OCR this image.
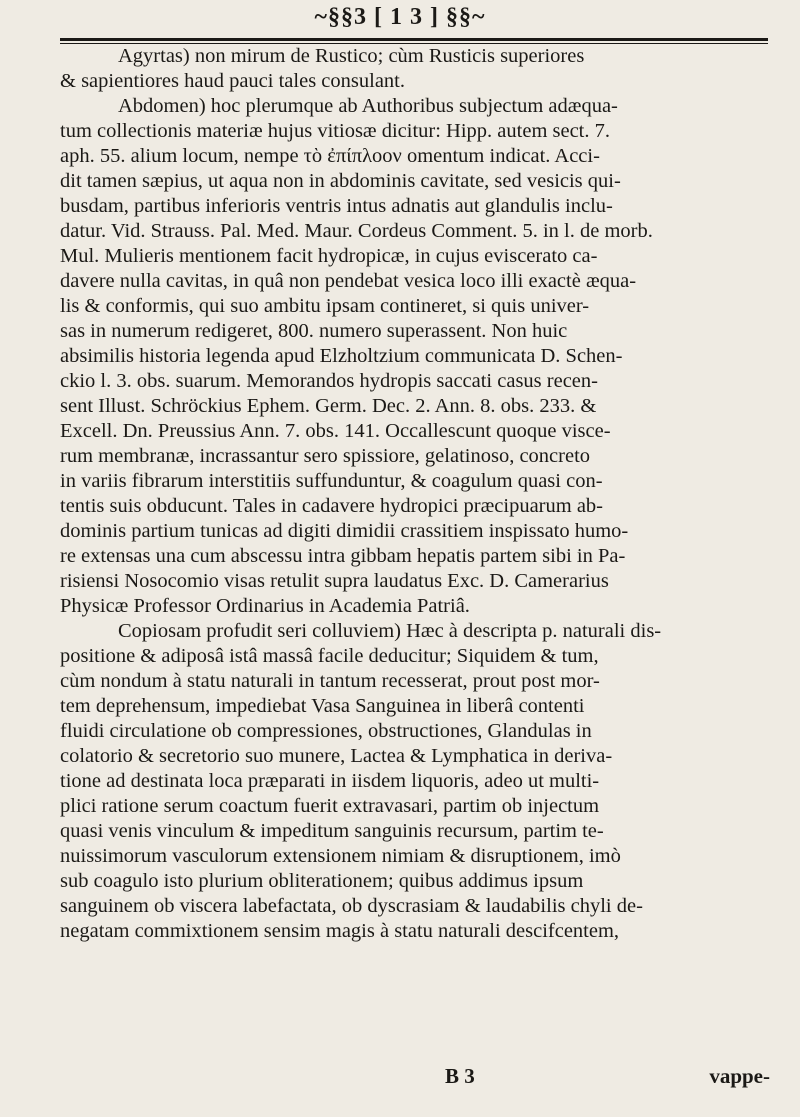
~§§3 [ 1 3 ] §§~
Agyrtas) non mirum de Rustico; cùm Rusticis superiores
& sapientiores haud pauci tales consulant.
Abdomen) hoc plerumque ab Authoribus subjectum adæqua-
tum collectionis materiæ hujus vitiosæ dicitur: Hipp. autem sect. 7.
aph. 55. alium locum, nempe τὸ ἐπίπλοον omentum indicat. Acci-
dit tamen sæpius, ut aqua non in abdominis cavitate, sed vesicis qui-
busdam, partibus inferioris ventris intus adnatis aut glandulis inclu-
datur. Vid. Strauss. Pal. Med. Maur. Cordeus Comment. 5. in l. de morb.
Mul. Mulieris mentionem facit hydropicæ, in cujus eviscerato ca-
davere nulla cavitas, in quâ non pendebat vesica loco illi exactè æqua-
lis & conformis, qui suo ambitu ipsam contineret, si quis univer-
sas in numerum redigeret, 800. numero superassent. Non huic
absimilis historia legenda apud Elzholtzium communicata D. Schen-
ckio l. 3. obs. suarum. Memorandos hydropis saccati casus recen-
sent Illust. Schröckius Ephem. Germ. Dec. 2. Ann. 8. obs. 233. &
Excell. Dn. Preussius Ann. 7. obs. 141. Occallescunt quoque visce-
rum membranæ, incrassantur sero spissiore, gelatinoso, concreto
in variis fibrarum interstitiis suffunduntur, & coagulum quasi con-
tentis suis obducunt. Tales in cadavere hydropici præcipuarum ab-
dominis partium tunicas ad digiti dimidii crassitiem inspissato humo-
re extensas una cum abscessu intra gibbam hepatis partem sibi in Pa-
risiensi Nosocomio visas retulit supra laudatus Exc. D. Camerarius
Physicæ Professor Ordinarius in Academia Patriâ.
Copiosam profudit seri colluviem) Hæc à descripta p. naturali dis-
positione & adiposâ istâ massâ facile deducitur; Siquidem & tum,
cùm nondum à statu naturali in tantum recesserat, prout post mor-
tem deprehensum, impediebat Vasa Sanguinea in liberâ contenti
fluidi circulatione ob compressiones, obstructiones, Glandulas in
colatorio & secretorio suo munere, Lactea & Lymphatica in deriva-
tione ad destinata loca præparati in iisdem liquoris, adeo ut multi-
plici ratione serum coactum fuerit extravasari, partim ob injectum
quasi venis vinculum & impeditum sanguinis recursum, partim te-
nuissimorum vasculorum extensionem nimiam & disruptionem, imò
sub coagulo isto plurium obliterationem; quibus addimus ipsum
sanguinem ob viscera labefactata, ob dyscrasiam & laudabilis chyli de-
negatam commixtionem sensim magis à statu naturali descifcentem,
B 3	vappe-
